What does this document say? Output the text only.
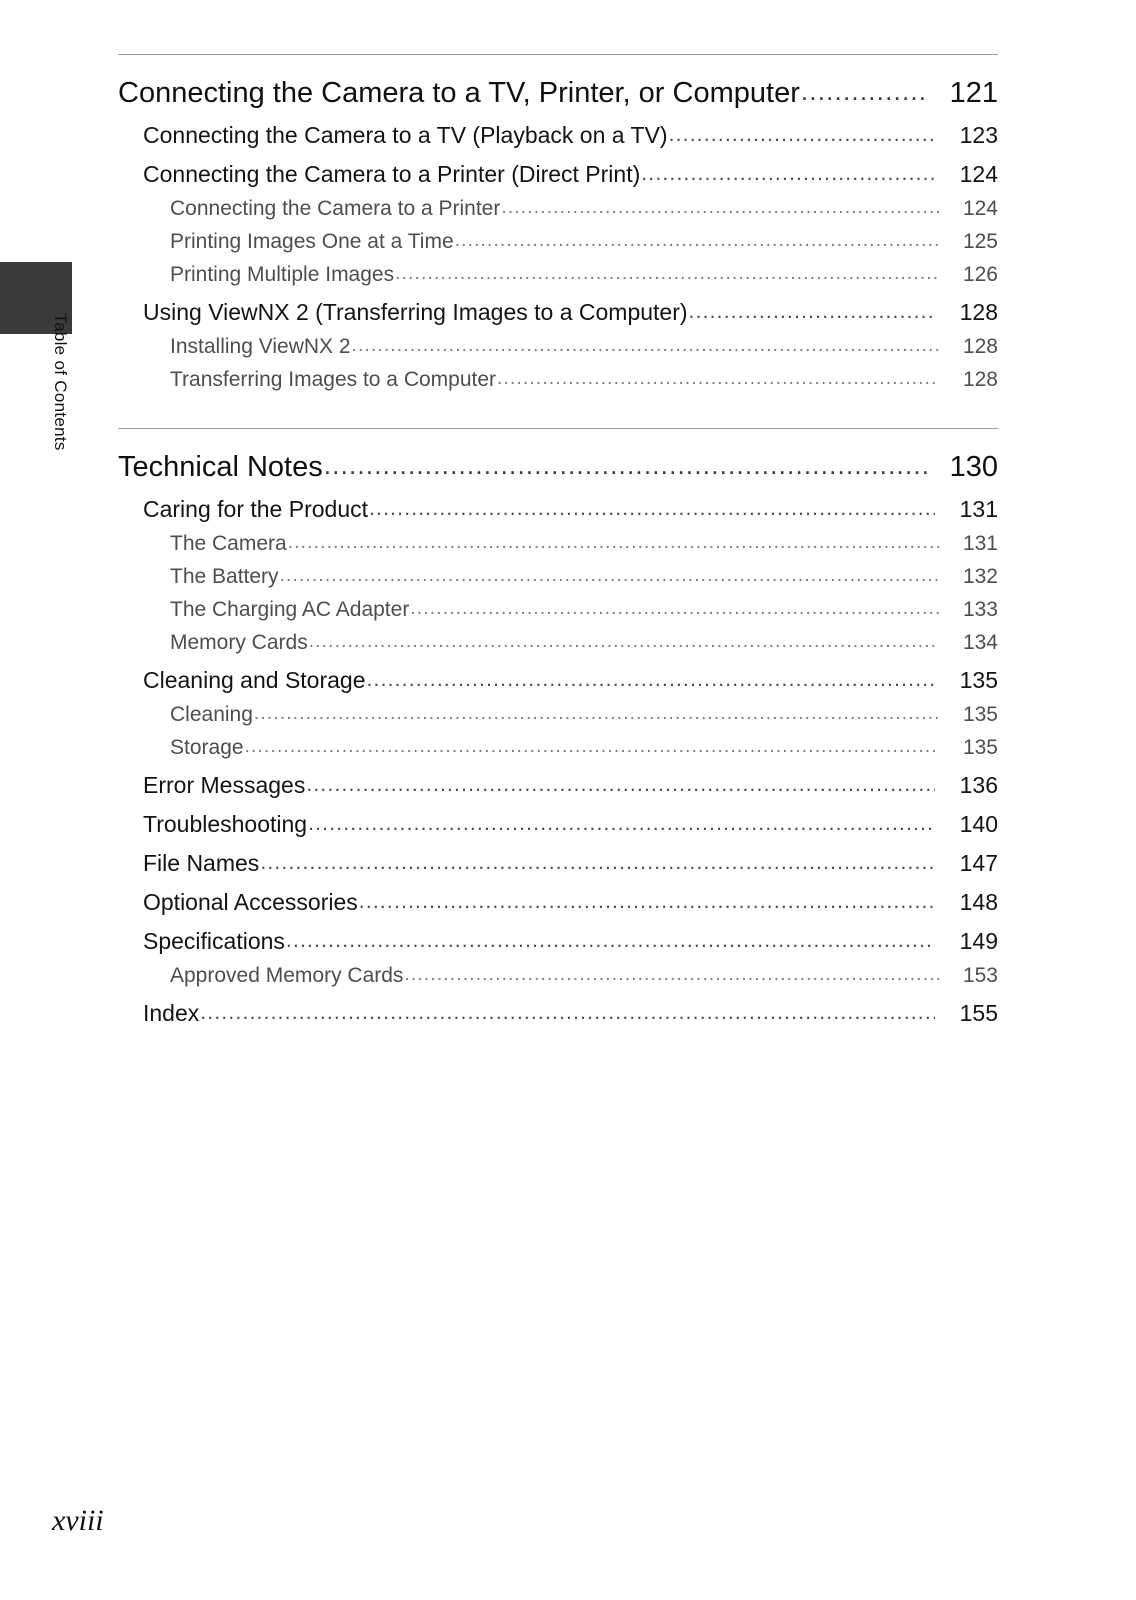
Table of Contents
Connecting the Camera to a TV, Printer, or Computer .....	121
Connecting the Camera to a TV (Playback on a TV) .....	123
Connecting the Camera to a Printer (Direct Print) .....	124
Connecting the Camera to a Printer .....	124
Printing Images One at a Time .....	125
Printing Multiple Images .....	126
Using ViewNX 2 (Transferring Images to a Computer) .....	128
Installing ViewNX 2 .....	128
Transferring Images to a Computer .....	128
Technical Notes .....	130
Caring for the Product .....	131
The Camera .....	131
The Battery .....	132
The Charging AC Adapter .....	133
Memory Cards .....	134
Cleaning and Storage .....	135
Cleaning .....	135
Storage .....	135
Error Messages .....	136
Troubleshooting .....	140
File Names .....	147
Optional Accessories .....	148
Specifications .....	149
Approved Memory Cards .....	153
Index .....	155
xviii
